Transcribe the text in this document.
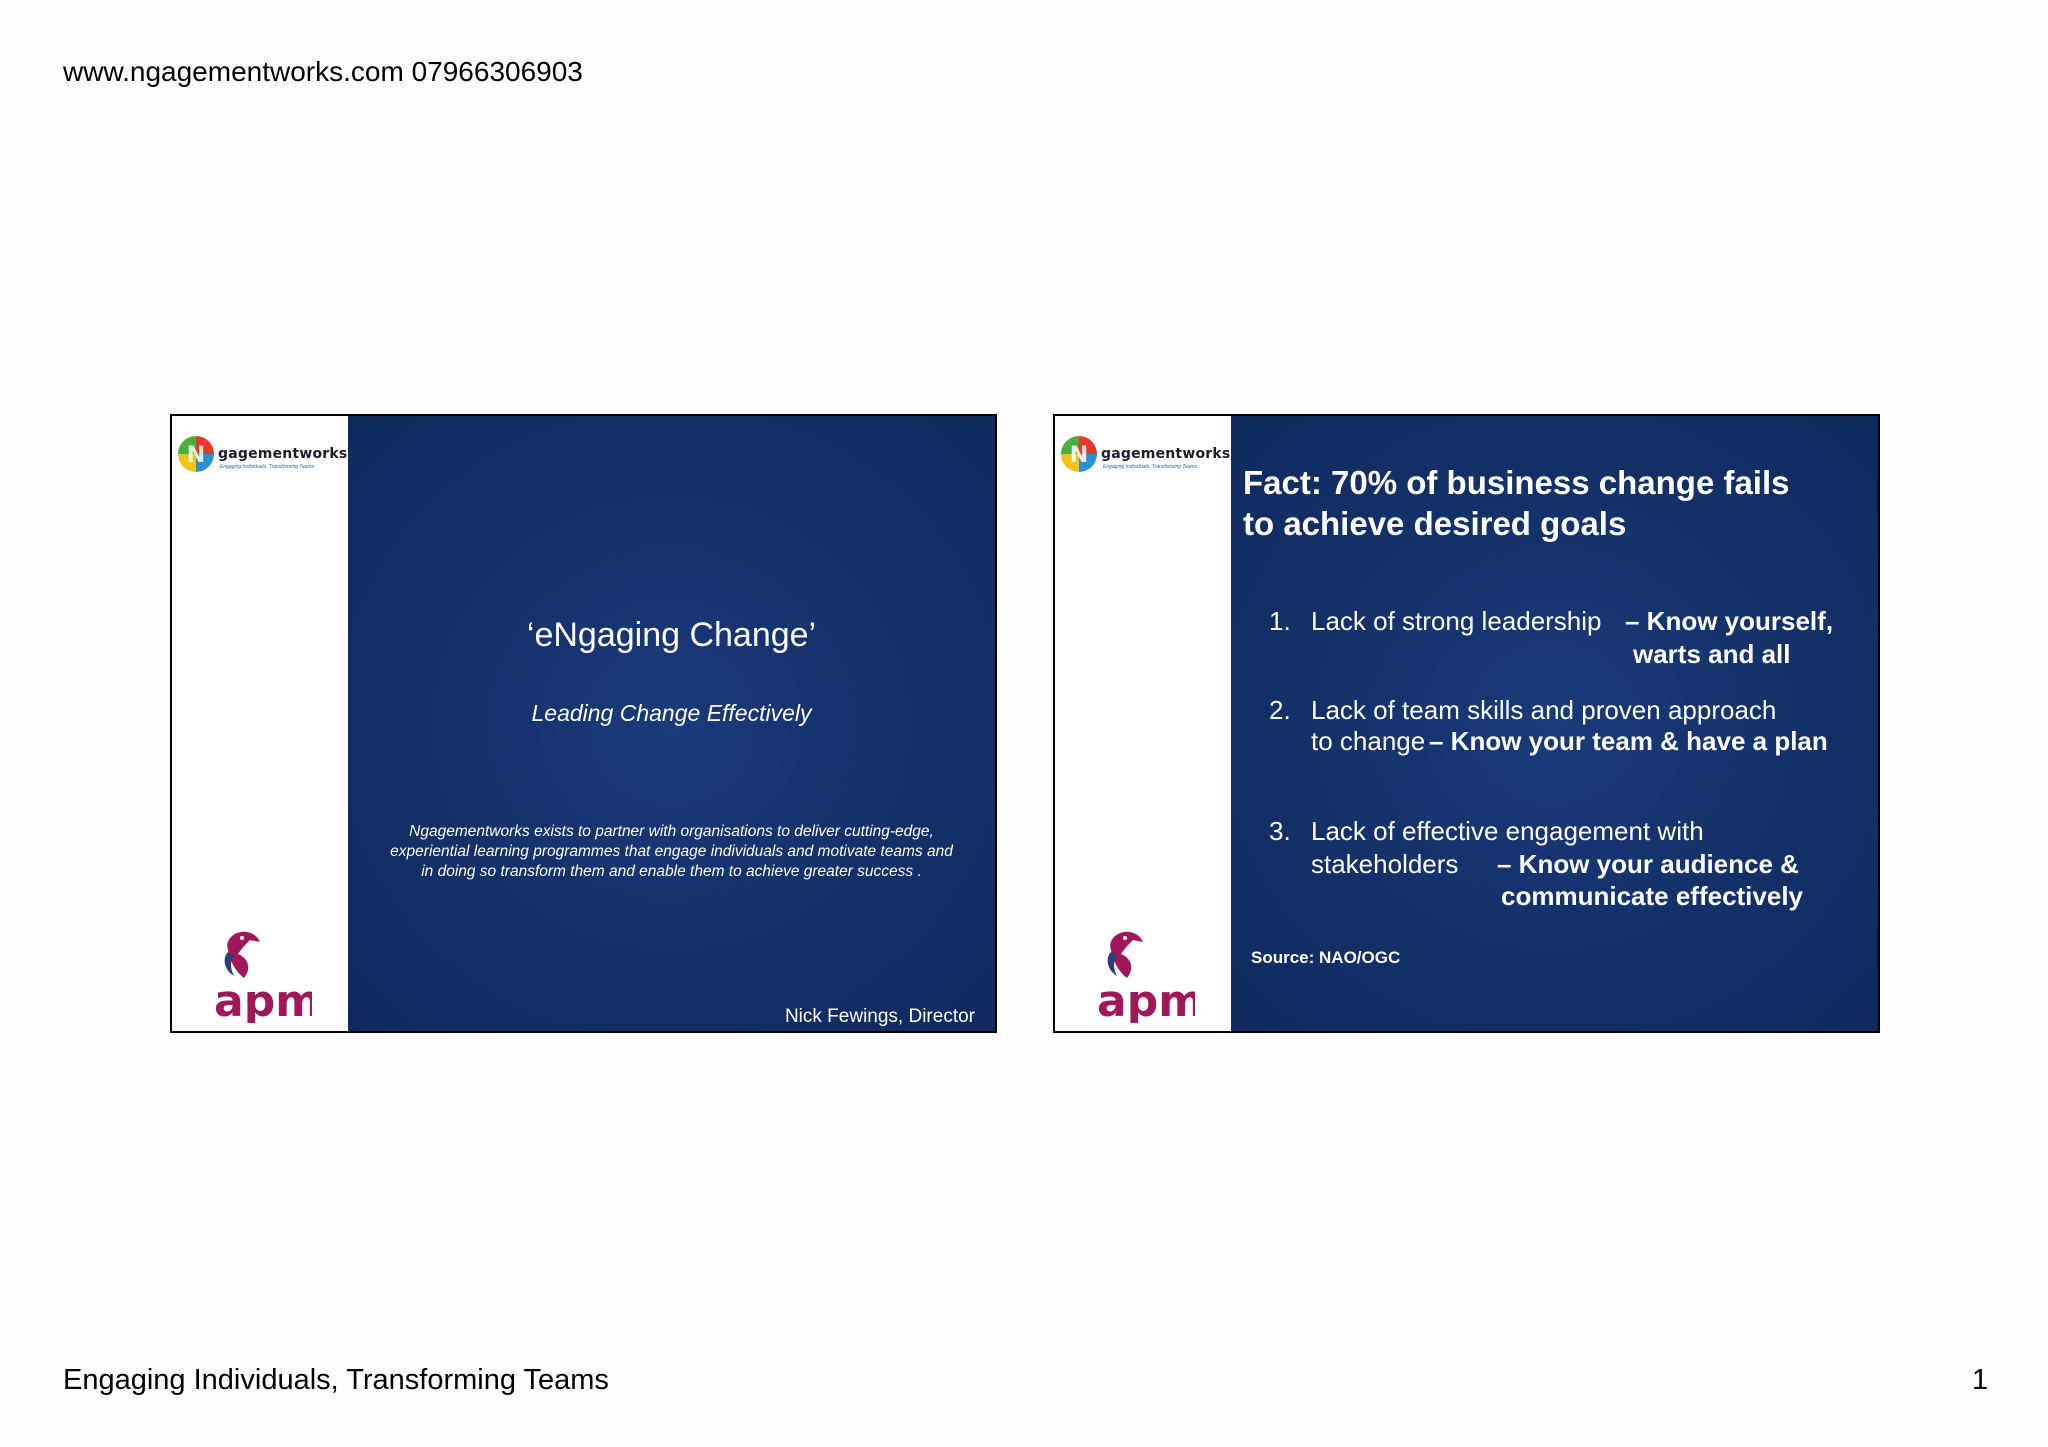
www.ngagementworks.com 07966306903
N gagementworks
Engaging Individuals, Transforming Teams
apm
‘eNgaging Change’
Leading Change Effectively
Ngagementworks exists to partner with organisations to deliver cutting-edge,
experiential learning programmes that engage individuals and motivate teams and
in doing so transform them and enable them to achieve greater success .
Nick Fewings, Director
N gagementworks
Engaging Individuals, Transforming Teams
apm
Fact: 70% of business change fails
to achieve desired goals
1. Lack of strong leadership – Know yourself,
warts and all
2. Lack of team skills and proven approach
to change – Know your team & have a plan
3. Lack of effective engagement with
stakeholders – Know your audience &
communicate effectively
Source: NAO/OGC
Engaging Individuals, Transforming Teams	1
